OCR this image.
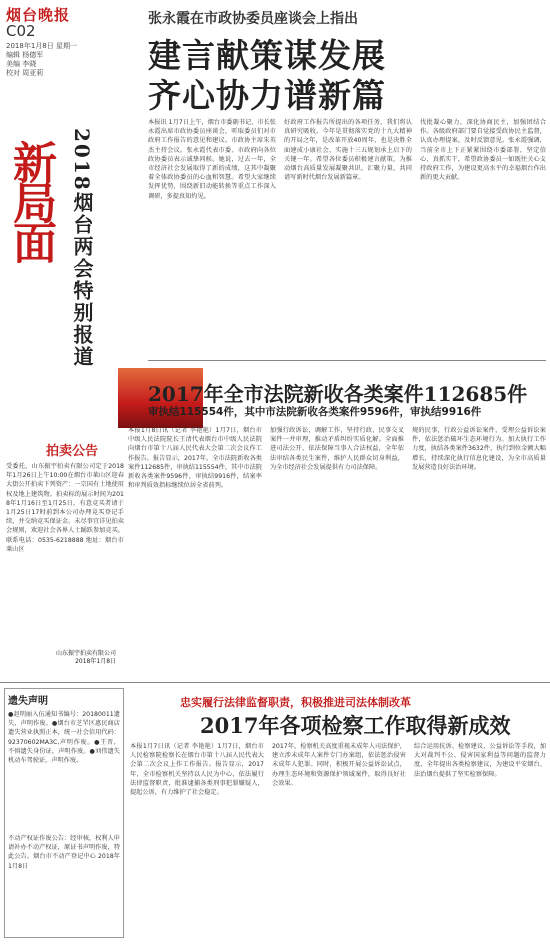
烟台晚报
C02
2018年1月8日 星期一
编辑 杨德军
美编 李晓
校对 周亚莉
新局面 2018烟台两会特别报道
张永霞在市政协委员座谈会上指出
建言献策谋发展
齐心协力谱新篇
本报讯 1月7日上午，烟台市委副书记、市长张永霞出席市政协委员座谈会，听取委员们对市政府工作报告的意见和建议。市政协主席朱英杰主持会议。张永霞代表市委、市政府向各位政协委员表示诚挚问候。她说，过去一年，全市经济社会发展取得了新的成绩，这其中凝聚着全体政协委员的心血和智慧。希望大家继续发挥优势，围绕新旧动能转换等重点工作深入调研，多提真知灼见。
好政府工作报告所提出的各项任务，我们将认真研究吸收。今年是贯彻落实党的十九大精神的开局之年，是改革开放40周年，也是决胜全面建成小康社会、实施十三五规划承上启下的关键一年。希望各位委员积极建言献策，为推动烟台高质量发展凝聚共识、汇聚力量，共同谱写新时代烟台发展新篇章。
伐批凝心聚力，深化协商民主，加强团结合作。各级政府部门要自觉接受政协民主监督，认真办理提案，及时反馈意见。张永霞强调，当前全市上下正紧紧围绕市委部署，坚定信心，真抓实干，希望政协委员一如既往关心支持政府工作，为建设更高水平的幸福烟台作出新的更大贡献。
2017年全市法院新收各类案件112685件
审执结115554件，其中市法院新收各类案件9596件，审执结9916件
本报1月8日讯（记者 李艳艳）1月7日，烟台市中级人民法院院长王清代表烟台市中级人民法院向烟台市第十八届人民代表大会第二次会议作工作报告。报告显示，2017年，全市法院新收各类案件112685件，审执结115554件，其中市法院新收各类案件9596件，审执结9916件，结案率和审判质效指标继续位居全省前列。
加强行政诉讼，调解工作，坚持行政，民事交叉案件一并审理，推动矛盾纠纷实质化解。全面推进司法公开，依法保障当事人合法权益，全年依法审结各类民生案件，维护人民群众切身利益，为全市经济社会发展提供有力司法保障。
规的民事，行政公益诉讼案件，受理公益诉讼案件，依法惩治破坏生态环境行为。加大执行工作力度，执结各类案件3632件，执行到位金额大幅增长，持续深化执行信息化建设，为全市高质量发展营造良好法治环境。
拍卖公告
受委托，山东振宇拍卖有限公司定于2018年1月26日上午10:00在烟台市莱山区迎春大街公开拍卖下列资产：一宗国有土地使用权及地上建筑物。拍卖标的展示时间为2018年1月16日至1月25日，有意竞买者请于1月25日17时前到本公司办理竞买登记手续，并交纳竞买保证金。未尽事宜详见拍卖会规则，欢迎社会各界人士踊跃参加竞买。联系电话：0535-6218888 地址：烟台市莱山区
山东振宇拍卖有限公司
2018年1月8日
遗失声明
●赵明丽入伍通知书编号：20180011遗失，声明作废。●烟台市芝罘区惠民商店遗失营业执照正本，统一社会信用代码：92370602MA3C,声明作废。●王晋，不慎遗失身份证，声明作废。●刘伟遗失机动车驾驶证，声明作废。
不动产权证作废公告：经审核，权利人申请补办不动产权证，原证书声明作废，特此公告。烟台市不动产登记中心 2018年1月8日
忠实履行法律监督职责，积极推进司法体制改革
2017年各项检察工作取得新成效
本报1月7日讯（记者 李艳艳）1月7日，烟台市人民检察院检察长在烟台市第十八届人民代表大会第二次会议上作工作报告。报告显示，2017年，全市检察机关坚持以人民为中心，依法履行法律监督职责，批准逮捕各类刑事犯罪嫌疑人，提起公诉，有力维护了社会稳定。
2017年，检察机关高度重视未成年人司法保护，建立涉未成年人案件专门办案组，依法惩治侵害未成年人犯罪。同时，积极开展公益诉讼试点，办理生态环境和资源保护领域案件，取得良好社会效果。
综合运用抗诉、检察建议、公益诉讼等手段，加大对裁判不公、侵害国家利益等问题的监督力度，全年提出各类检察建议，为建设平安烟台、法治烟台提供了坚实检察保障。
